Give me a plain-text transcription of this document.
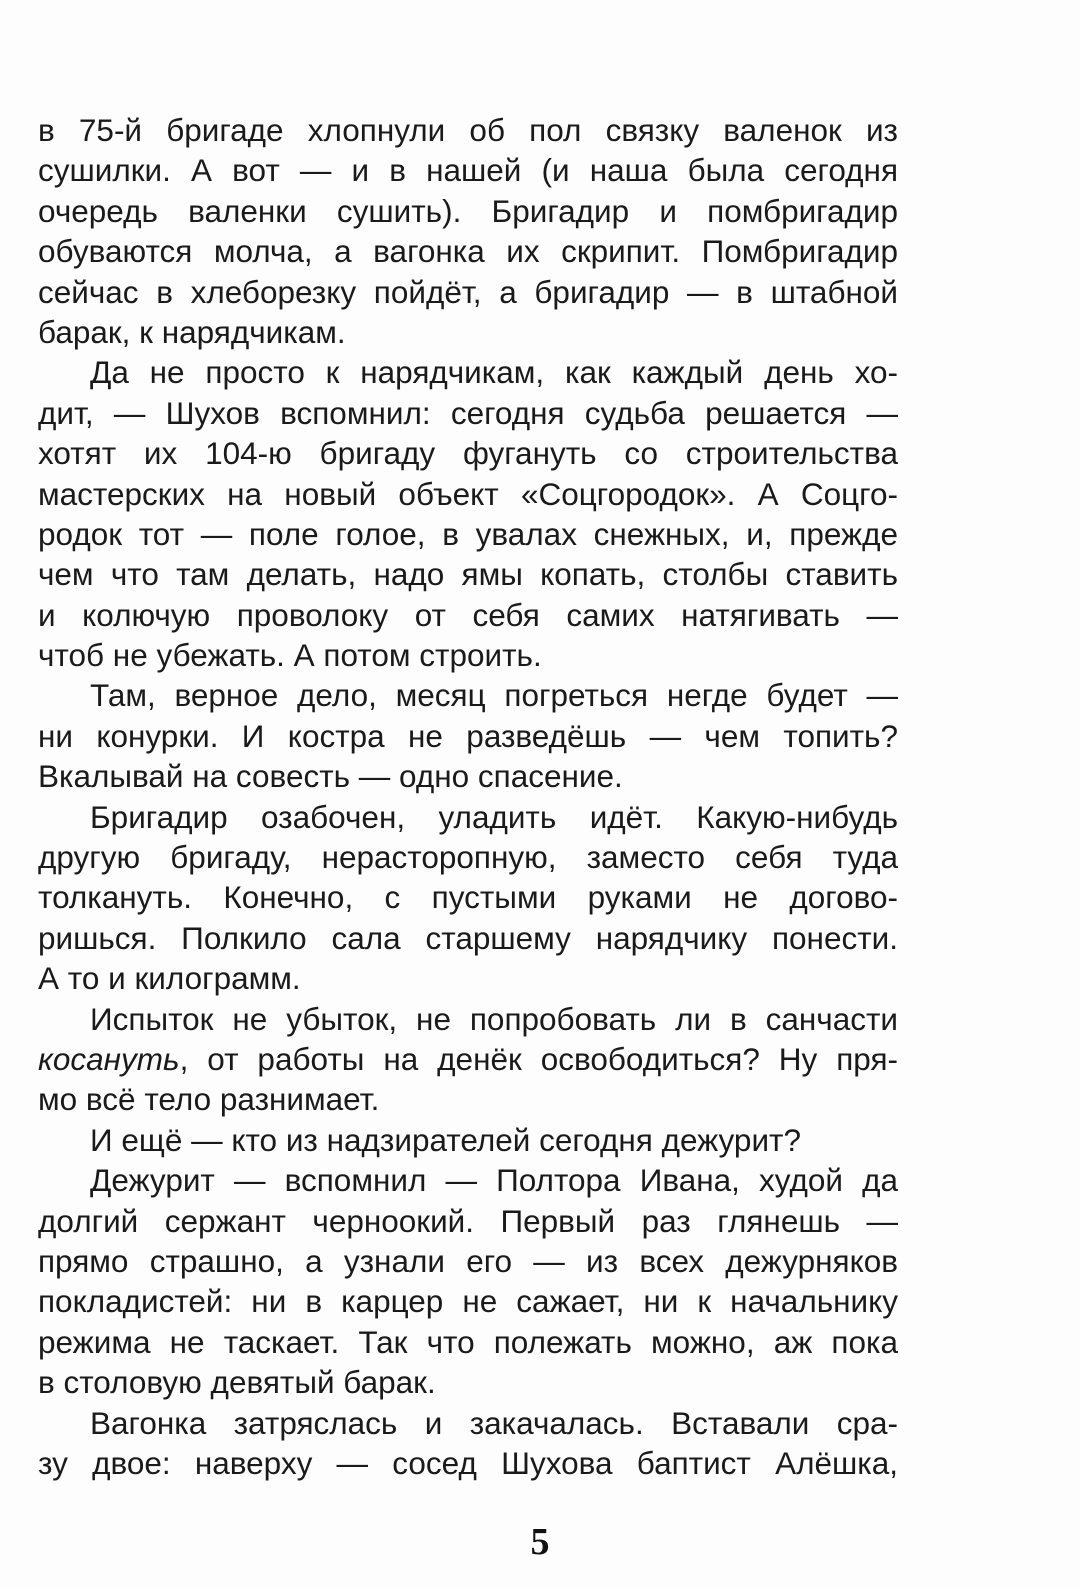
в 75-й бригаде хлопнули об пол связку валенок из
сушилки. А вот — и в нашей (и наша была сегодня
очередь валенки сушить). Бригадир и помбригадир
обуваются молча, а вагонка их скрипит. Помбригадир
сейчас в хлеборезку пойдёт, а бригадир — в штабной
барак, к нарядчикам.
Да не просто к нарядчикам, как каждый день хо-
дит, — Шухов вспомнил: сегодня судьба решается —
хотят их 104-ю бригаду фугануть со строительства
мастерских на новый объект «Соцгородок». А Соцго-
родок тот — поле голое, в увалах снежных, и, прежде
чем что там делать, надо ямы копать, столбы ставить
и колючую проволоку от себя самих натягивать —
чтоб не убежать. А потом строить.
Там, верное дело, месяц погреться негде будет —
ни конурки. И костра не разведёшь — чем топить?
Вкалывай на совесть — одно спасение.
Бригадир озабочен, уладить идёт. Какую-нибудь
другую бригаду, нерасторопную, заместо себя туда
толкануть. Конечно, с пустыми руками не догово-
ришься. Полкило сала старшему нарядчику понести.
А то и килограмм.
Испыток не убыток, не попробовать ли в санчасти
косануть, от работы на денёк освободиться? Ну пря-
мо всё тело разнимает.
И ещё — кто из надзирателей сегодня дежурит?
Дежурит — вспомнил — Полтора Ивана, худой да
долгий сержант черноокий. Первый раз глянешь —
прямо страшно, а узнали его — из всех дежурняков
покладистей: ни в карцер не сажает, ни к начальнику
режима не таскает. Так что полежать можно, аж пока
в столовую девятый барак.
Вагонка затряслась и закачалась. Вставали сра-
зу двое: наверху — сосед Шухова баптист Алёшка,
5
